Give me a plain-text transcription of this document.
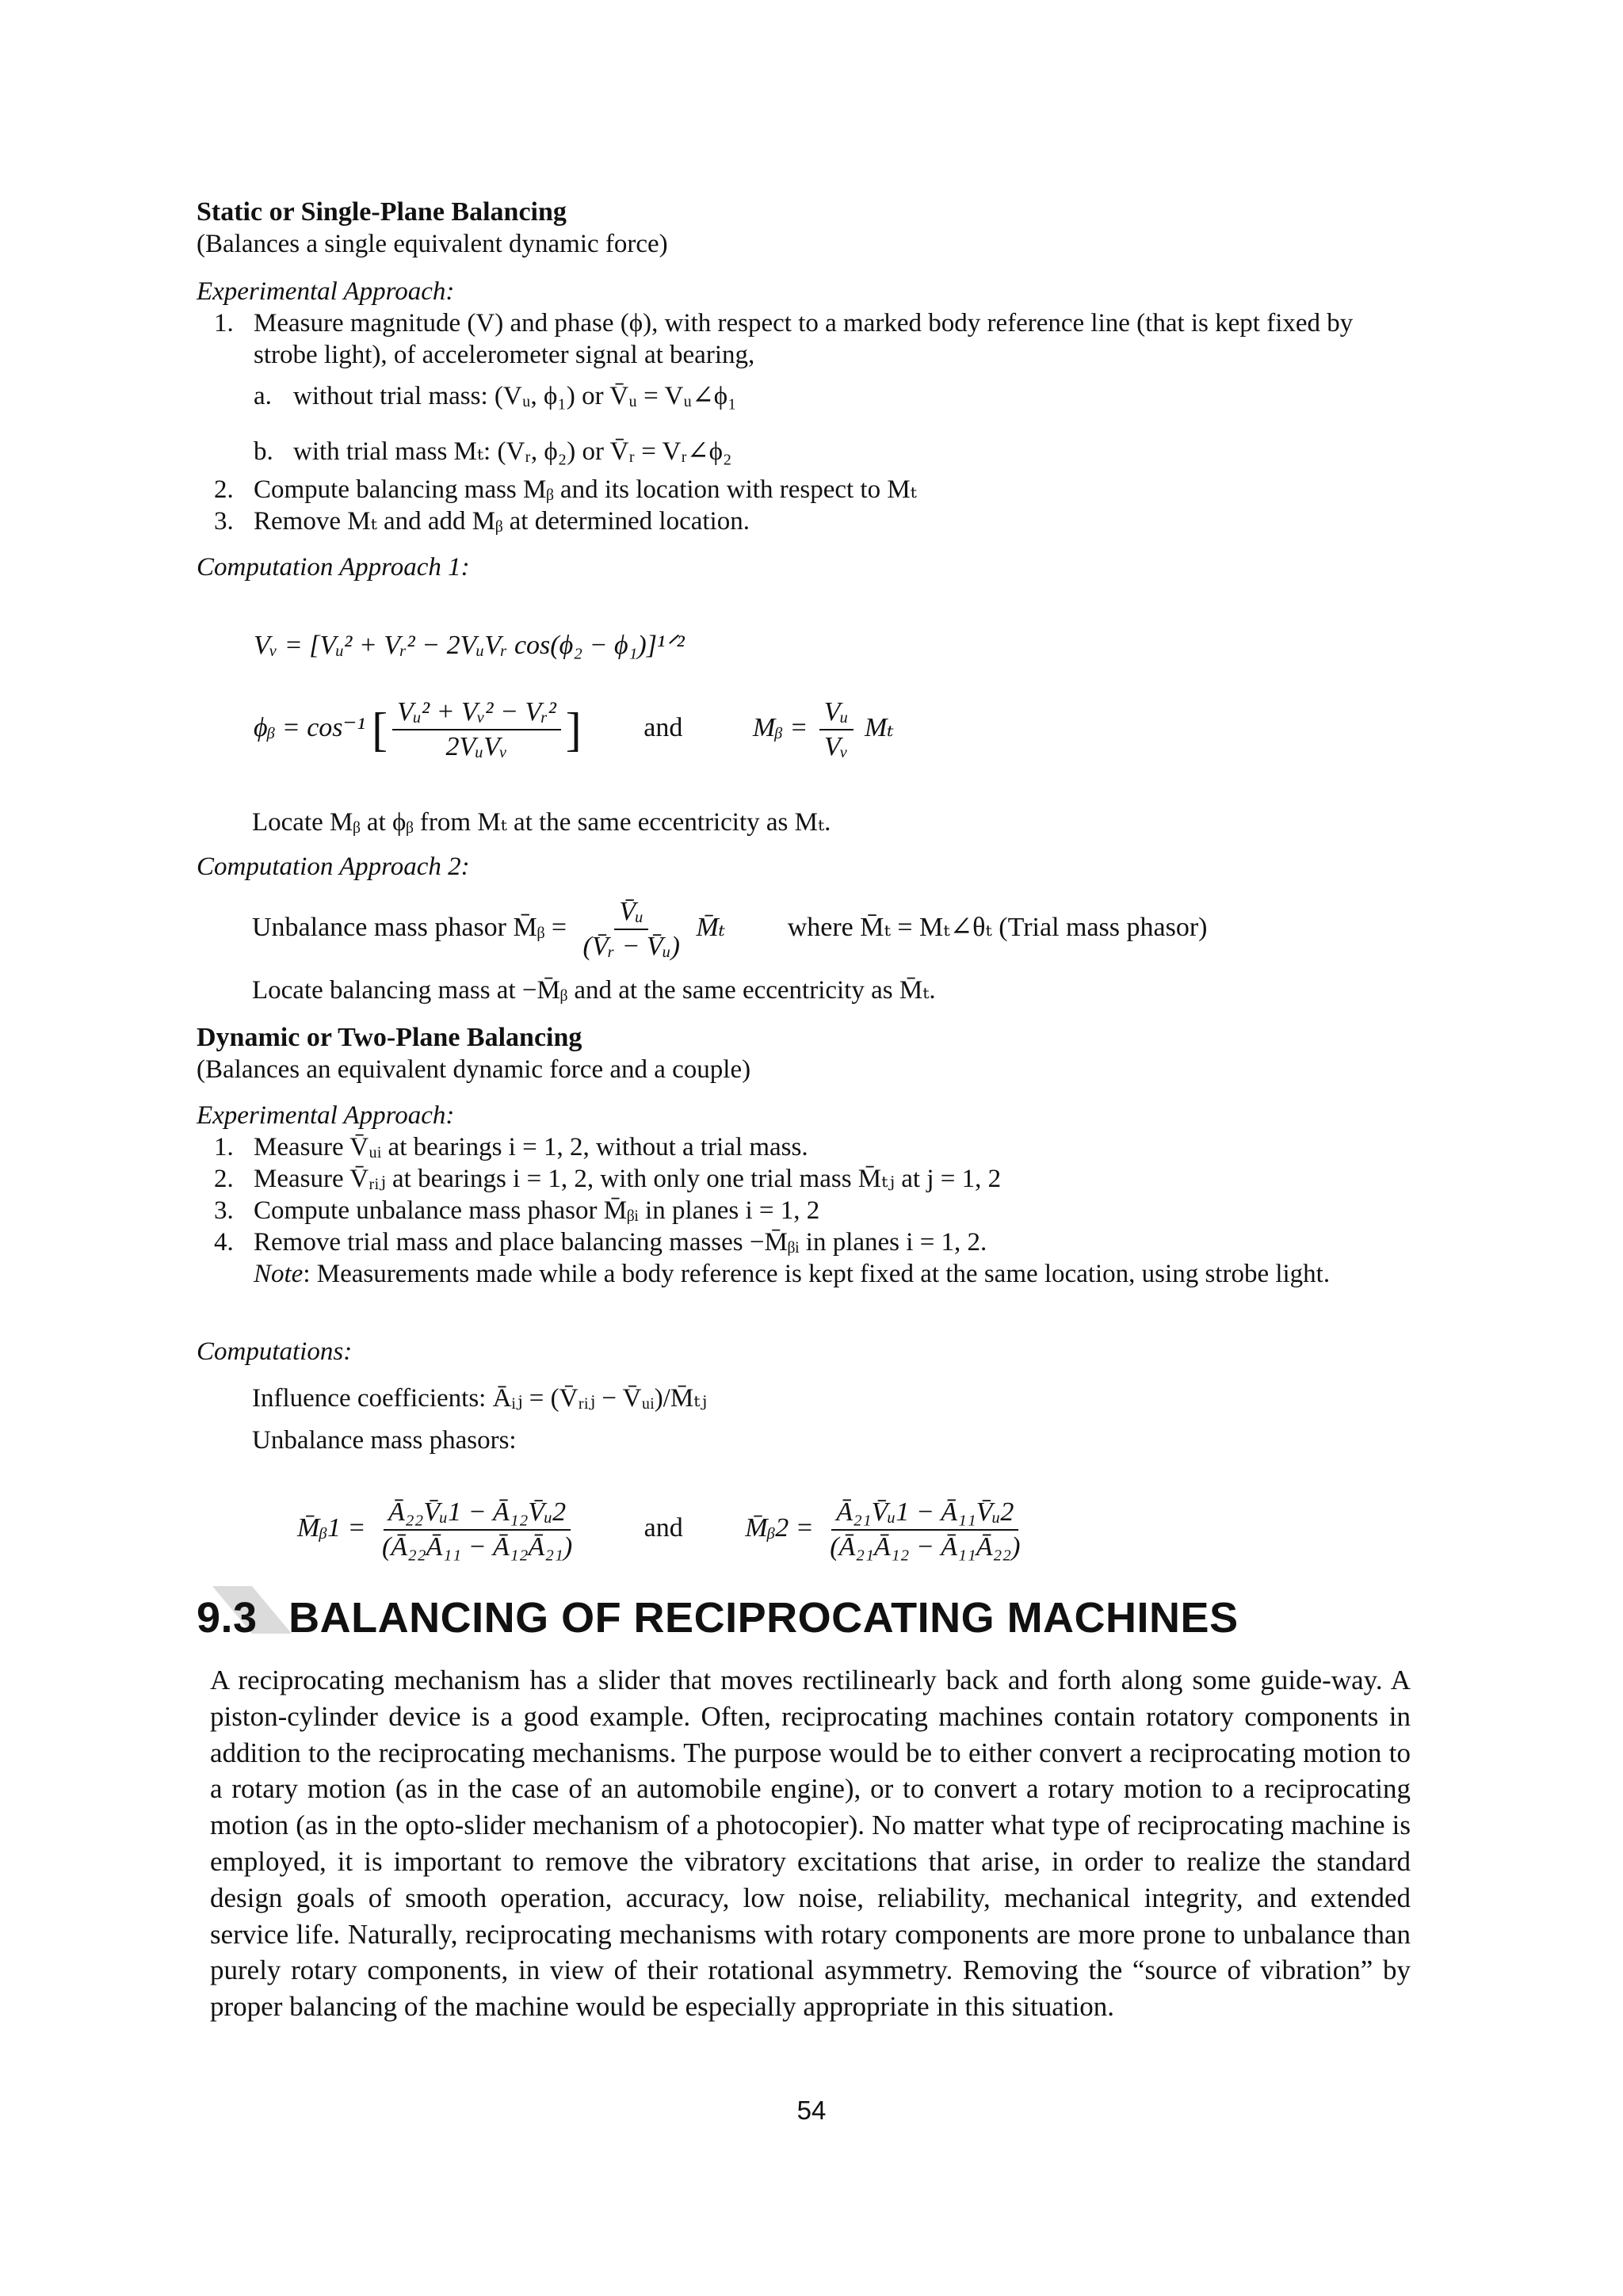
Static or Single-Plane Balancing
(Balances a single equivalent dynamic force)
Experimental Approach:
1. Measure magnitude (V) and phase (ϕ), with respect to a marked body reference line (that is kept fixed by strobe light), of accelerometer signal at bearing,
a. without trial mass: (Vᵤ, ϕ₁) or V̄ᵤ = Vᵤ∠ϕ₁
b. with trial mass Mₜ: (Vᵣ, ϕ₂) or V̄ᵣ = Vᵣ∠ϕ₂
2. Compute balancing mass Mᵦ and its location with respect to Mₜ
3. Remove Mₜ and add Mᵦ at determined location.
Computation Approach 1:
Vᵥ = [Vᵤ² + Vᵣ² − 2VᵤVᵣ cos(ϕ₂ − ϕ₁)]¹ᐟ²
ϕᵦ = cos⁻¹ [ $\frac{\text{Vᵤ² + Vᵥ² − Vᵣ²}}{\text{2VᵤVᵥ}}$ ] and	Mᵦ = $\frac{\text{Vᵤ}}{\text{Vᵥ}}$ Mₜ
Locate Mᵦ at ϕᵦ from Mₜ at the same eccentricity as Mₜ.
Computation Approach 2:
Unbalance mass phasor M̄ᵦ = $\frac{\text{V̄ᵤ}}{\text{(V̄ᵣ − V̄ᵤ)}}$ M̄ₜ where M̄ₜ = Mₜ∠θₜ (Trial mass phasor)
Locate balancing mass at −M̄ᵦ and at the same eccentricity as M̄ₜ.
Dynamic or Two-Plane Balancing
(Balances an equivalent dynamic force and a couple)
Experimental Approach:
1. Measure V̄ᵤᵢ at bearings i = 1, 2, without a trial mass.
2. Measure V̄ᵣᵢⱼ at bearings i = 1, 2, with only one trial mass M̄ₜⱼ at j = 1, 2
3. Compute unbalance mass phasor M̄ᵦᵢ in planes i = 1, 2
4. Remove trial mass and place balancing masses −M̄ᵦᵢ in planes i = 1, 2.
Note: Measurements made while a body reference is kept fixed at the same location, using strobe light.
Computations:
Influence coefficients: Āᵢⱼ = (V̄ᵣᵢⱼ − V̄ᵤᵢ)/M̄ₜⱼ
Unbalance mass phasors:
M̄ᵦ1 = $\frac{\text{Ā₂₂V̄ᵤ1 − Ā₁₂V̄ᵤ2}}{\text{(Ā₂₂Ā₁₁ − Ā₁₂Ā₂₁)}}$ and M̄ᵦ2 = $\frac{\text{Ā₂₁V̄ᵤ1 − Ā₁₁V̄ᵤ2}}{\text{(Ā₂₁Ā₁₂ − Ā₁₁Ā₂₂)}}$
9.3 BALANCING OF RECIPROCATING MACHINES
A reciprocating mechanism has a slider that moves rectilinearly back and forth along some guide-way. A piston-cylinder device is a good example. Often, reciprocating machines contain rotatory components in addition to the reciprocating mechanisms. The purpose would be to either convert a reciprocating motion to a rotary motion (as in the case of an automobile engine), or to convert a rotary motion to a reciprocating motion (as in the opto-slider mechanism of a photocopier). No matter what type of reciprocating machine is employed, it is important to remove the vibratory excitations that arise, in order to realize the standard design goals of smooth operation, accuracy, low noise, reliability, mechanical integrity, and extended service life. Naturally, reciprocating mechanisms with rotary components are more prone to unbalance than purely rotary components, in view of their rotational asymmetry. Removing the “source of vibration” by proper balancing of the machine would be especially appropriate in this situation.
54
